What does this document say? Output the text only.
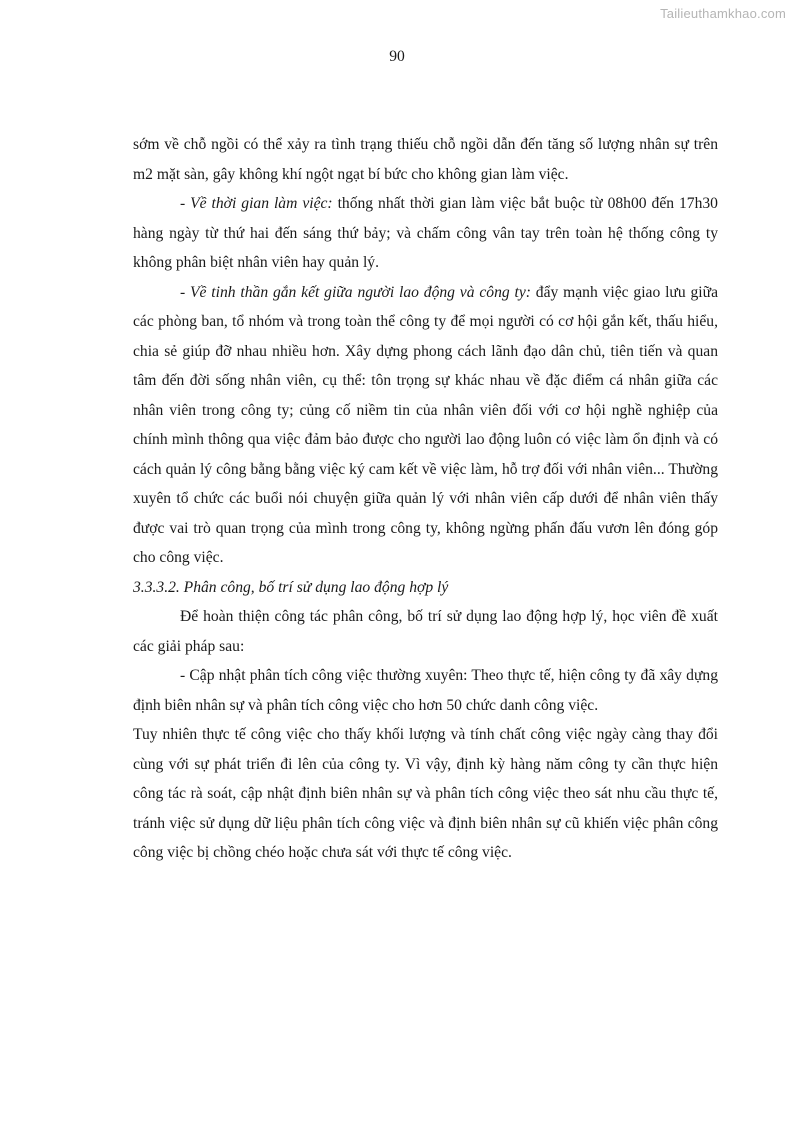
Tailieuthamkhao.com
90

sớm về chỗ ngồi có thể xảy ra tình trạng thiếu chỗ ngồi dẫn đến tăng số lượng nhân sự trên m2 mặt sàn, gây không khí ngột ngạt bí bức cho không gian làm việc.

- Về thời gian làm việc: thống nhất thời gian làm việc bắt buộc từ 08h00 đến 17h30 hàng ngày từ thứ hai đến sáng thứ bảy; và chấm công vân tay trên toàn hệ thống công ty không phân biệt nhân viên hay quản lý.

- Về tinh thần gắn kết giữa người lao động và công ty: đẩy mạnh việc giao lưu giữa các phòng ban, tổ nhóm và trong toàn thể công ty để mọi người có cơ hội gắn kết, thấu hiểu, chia sẻ giúp đỡ nhau nhiều hơn. Xây dựng phong cách lãnh đạo dân chủ, tiên tiến và quan tâm đến đời sống nhân viên, cụ thể: tôn trọng sự khác nhau về đặc điểm cá nhân giữa các nhân viên trong công ty; củng cố niềm tin của nhân viên đối với cơ hội nghề nghiệp của chính mình thông qua việc đảm bảo được cho người lao động luôn có việc làm ổn định và có cách quản lý công bằng bằng việc ký cam kết về việc làm, hỗ trợ đối với nhân viên... Thường xuyên tổ chức các buổi nói chuyện giữa quản lý với nhân viên cấp dưới để nhân viên thấy được vai trò quan trọng của mình trong công ty, không ngừng phấn đấu vươn lên đóng góp cho công việc.

3.3.3.2. Phân công, bố trí sử dụng lao động hợp lý

Để hoàn thiện công tác phân công, bố trí sử dụng lao động hợp lý, học viên đề xuất các giải pháp sau:

- Cập nhật phân tích công việc thường xuyên: Theo thực tế, hiện công ty đã xây dựng định biên nhân sự và phân tích công việc cho hơn 50 chức danh công việc.

Tuy nhiên thực tế công việc cho thấy khối lượng và tính chất công việc ngày càng thay đổi cùng với sự phát triển đi lên của công ty. Vì vậy, định kỳ hàng năm công ty cần thực hiện công tác rà soát, cập nhật định biên nhân sự và phân tích công việc theo sát nhu cầu thực tế, tránh việc sử dụng dữ liệu phân tích công việc và định biên nhân sự cũ khiến việc phân công công việc bị chồng chéo hoặc chưa sát với thực tế công việc.
